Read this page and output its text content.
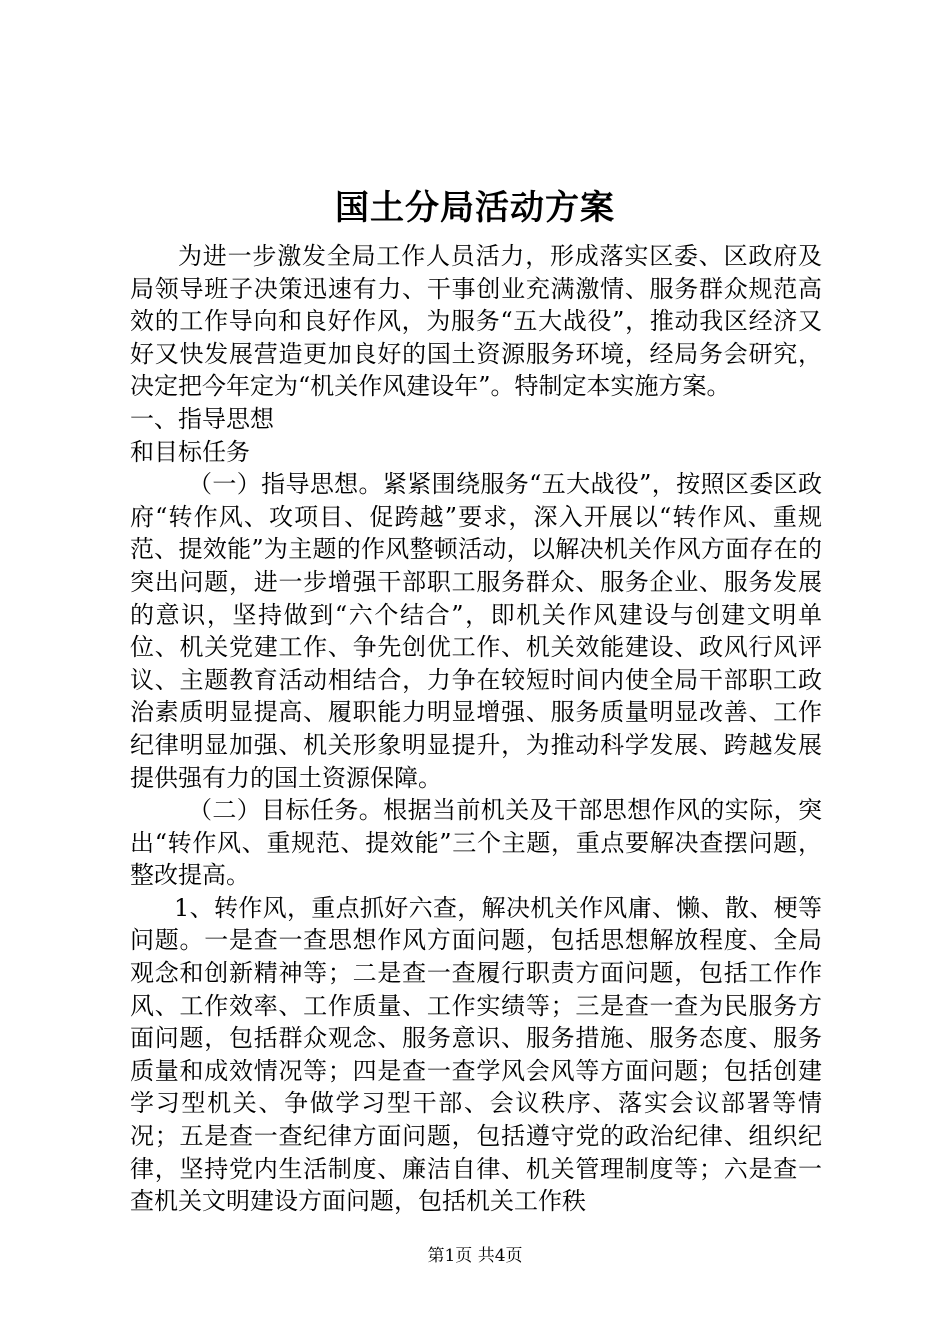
国土分局活动方案

为进一步激发全局工作人员活力，形成落实区委、区政府及局领导班子决策迅速有力、干事创业充满激情、服务群众规范高效的工作导向和良好作风，为服务“五大战役”，推动我区经济又好又快发展营造更加良好的国土资源服务环境，经局务会研究，决定把今年定为“机关作风建设年”。特制定本实施方案。

一、指导思想

和目标任务

（一）指导思想。紧紧围绕服务“五大战役”，按照区委区政府“转作风、攻项目、促跨越”要求，深入开展以“转作风、重规范、提效能”为主题的作风整顿活动，以解决机关作风方面存在的突出问题，进一步增强干部职工服务群众、服务企业、服务发展的意识，坚持做到“六个结合”，即机关作风建设与创建文明单位、机关党建工作、争先创优工作、机关效能建设、政风行风评议、主题教育活动相结合，力争在较短时间内使全局干部职工政治素质明显提高、履职能力明显增强、服务质量明显改善、工作纪律明显加强、机关形象明显提升，为推动科学发展、跨越发展提供强有力的国土资源保障。

（二）目标任务。根据当前机关及干部思想作风的实际，突出“转作风、重规范、提效能”三个主题，重点要解决查摆问题，整改提高。

1、转作风，重点抓好六查，解决机关作风庸、懒、散、梗等问题。一是查一查思想作风方面问题，包括思想解放程度、全局观念和创新精神等；二是查一查履行职责方面问题，包括工作作风、工作效率、工作质量、工作实绩等；三是查一查为民服务方面问题，包括群众观念、服务意识、服务措施、服务态度、服务质量和成效情况等；四是查一查学风会风等方面问题；包括创建学习型机关、争做学习型干部、会议秩序、落实会议部署等情况；五是查一查纪律方面问题，包括遵守党的政治纪律、组织纪律，坚持党内生活制度、廉洁自律、机关管理制度等；六是查一查机关文明建设方面问题，包括机关工作秩

第1页 共4页
